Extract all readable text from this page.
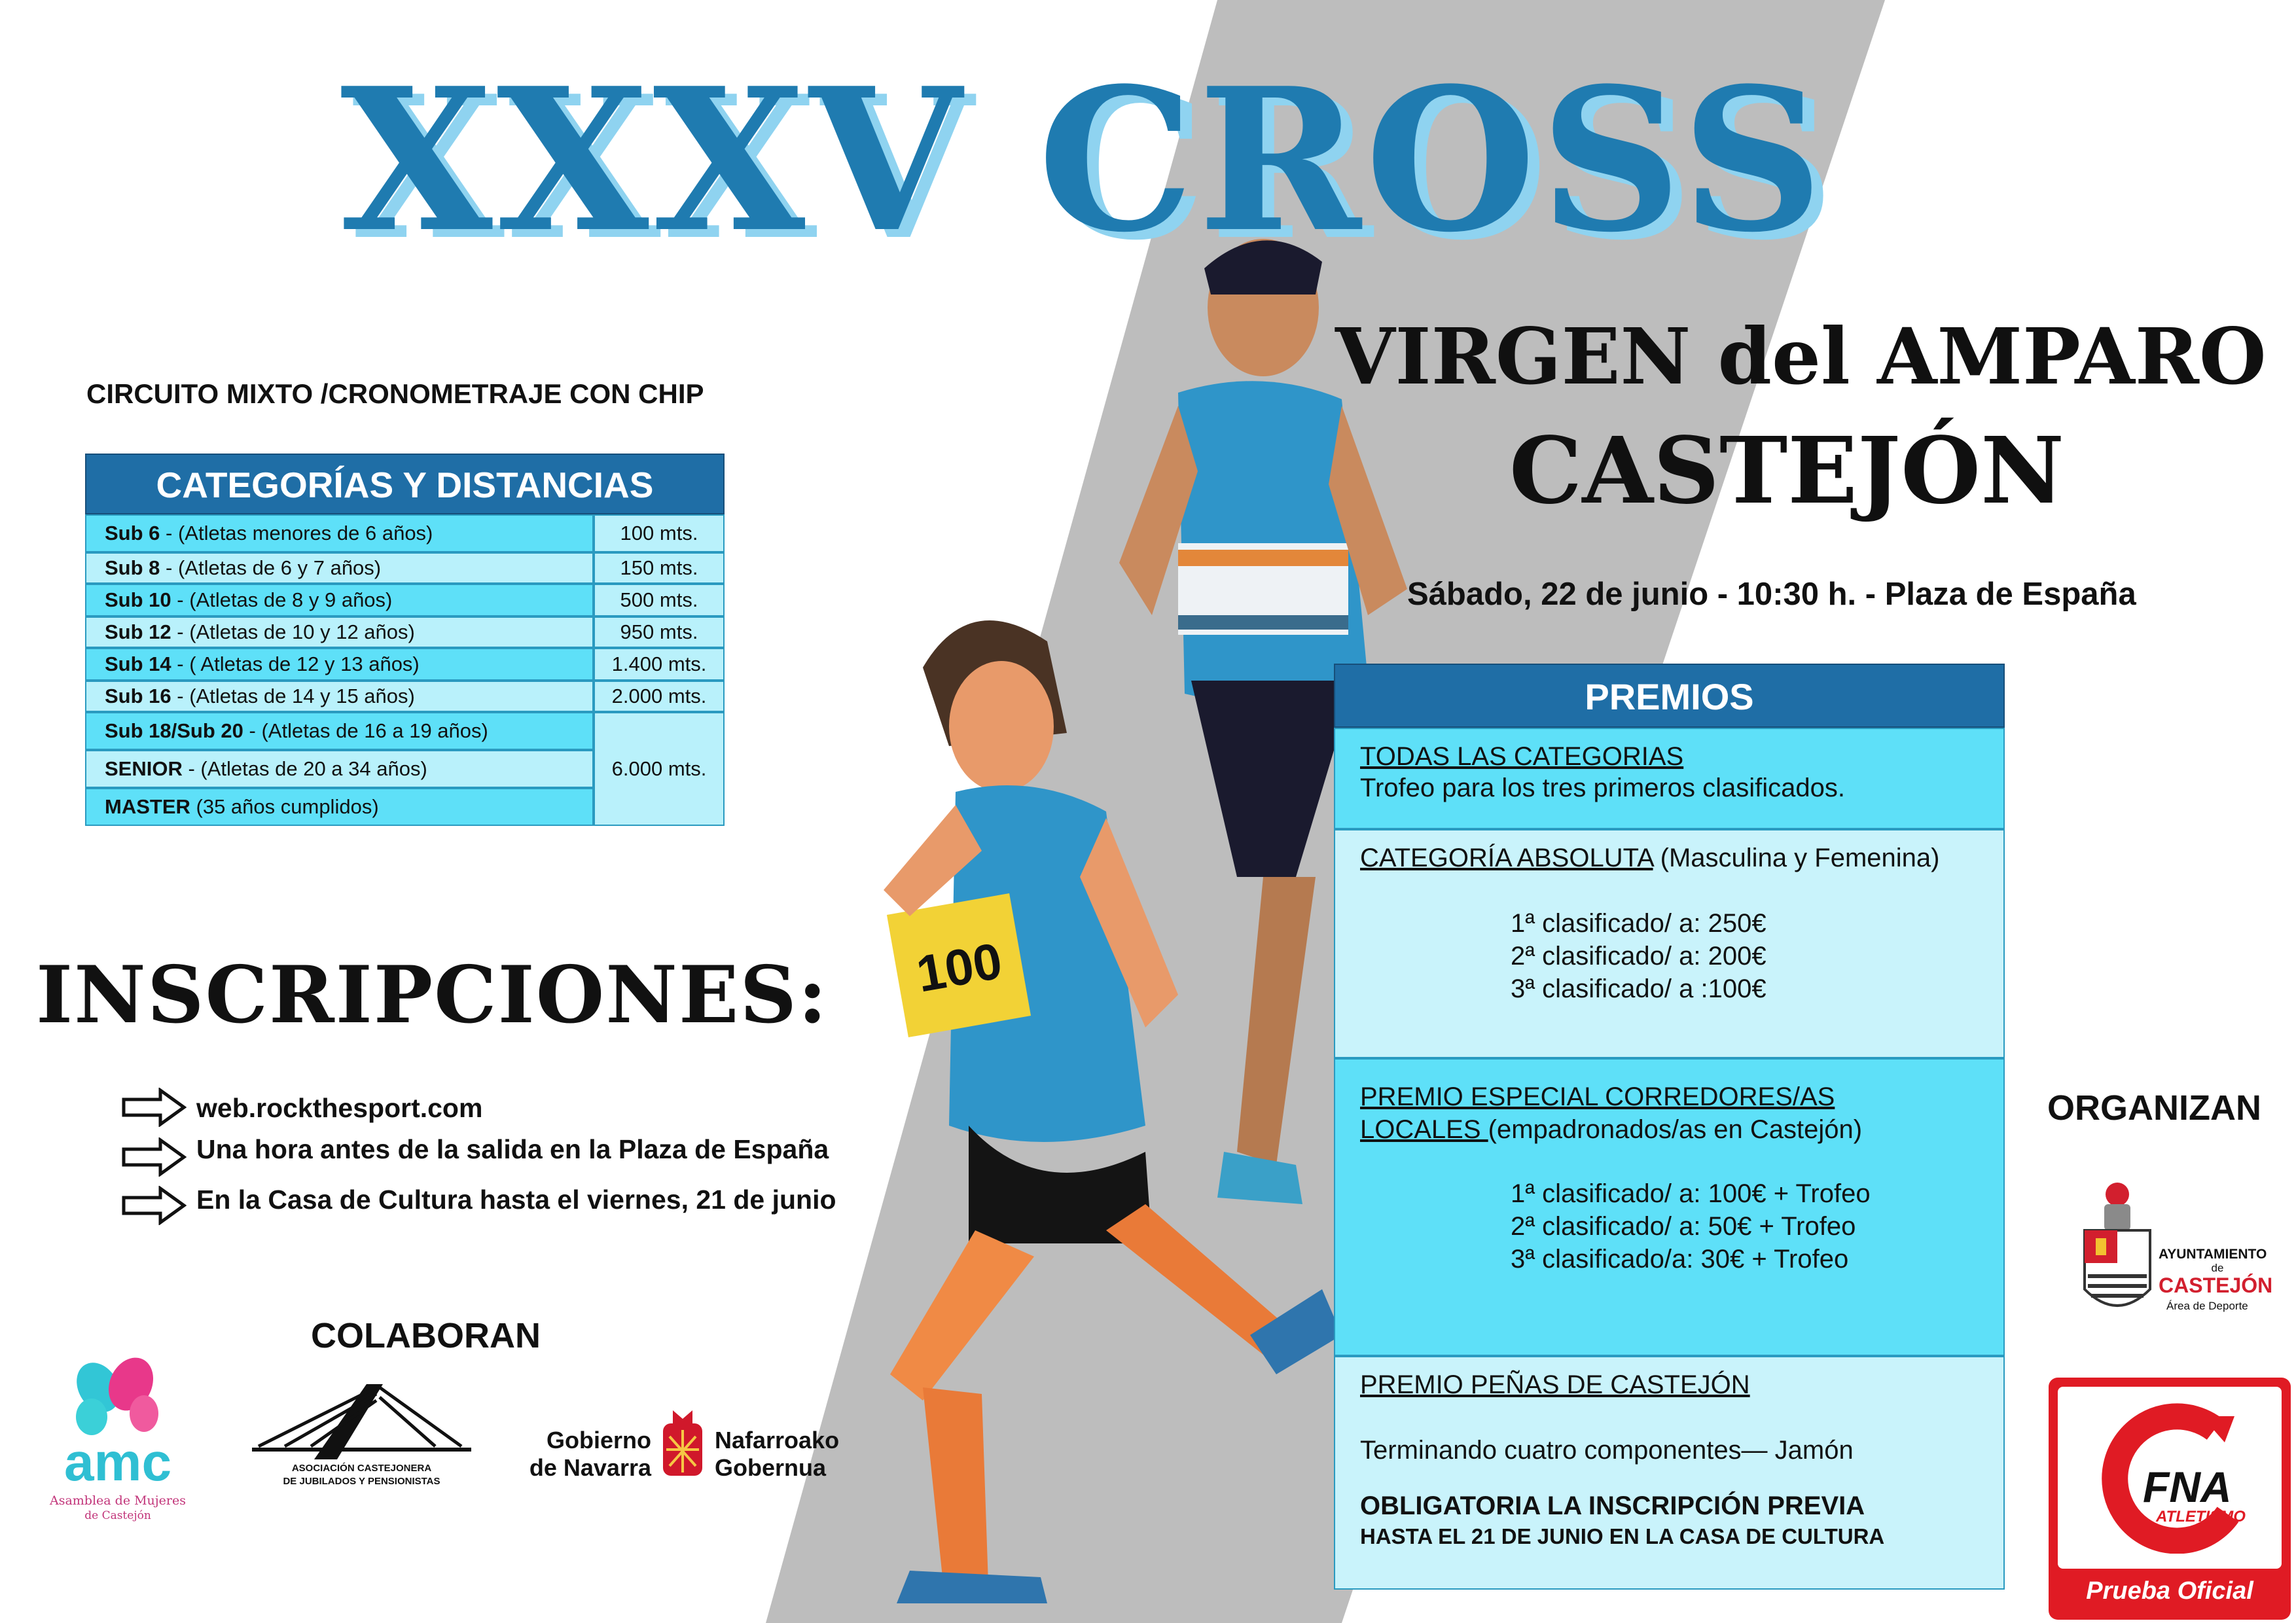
100
XXXV CROSS
VIRGEN del AMPARO
CASTEJÓN
Sábado, 22 de junio - 10:30 h. - Plaza de España
CIRCUITO MIXTO /CRONOMETRAJE CON CHIP
CATEGORÍAS Y DISTANCIAS
Sub 6 - (Atletas menores de 6 años)
Sub 8 - (Atletas de 6 y 7 años)
Sub 10 - (Atletas de 8 y 9 años)
Sub 12 - (Atletas de 10 y 12 años)
Sub 14 - ( Atletas de 12 y 13 años)
Sub 16 - (Atletas de 14 y 15 años)
Sub 18/Sub 20 - (Atletas de 16 a 19 años)
SENIOR - (Atletas de 20 a 34 años)
MASTER (35 años cumplidos)
100 mts.
150 mts.
500 mts.
950 mts.
1.400 mts.
2.000 mts.
6.000 mts.
INSCRIPCIONES:
web.rockthesport.com
Una hora antes de la salida en la Plaza de España
En la Casa de Cultura hasta el viernes, 21 de junio
COLABORAN
amc
Asamblea de Mujeres
de Castejón
ASOCIACIÓN CASTEJONERA
DE JUBILADOS Y PENSIONISTAS
Gobierno
de Navarra
Nafarroako
Gobernua
ORGANIZAN
AYUNTAMIENTO
de
CASTEJÓN
Área de Deporte
FNA
ATLETISMO
Prueba Oficial
PREMIOS
TODAS LAS CATEGORIAS
Trofeo para los tres primeros clasificados.
CATEGORÍA ABSOLUTA (Masculina y Femenina)
1ª clasificado/ a: 250€
2ª clasificado/ a: 200€
3ª clasificado/ a :100€
PREMIO ESPECIAL CORREDORES/AS
LOCALES (empadronados/as en Castejón)
1ª clasificado/ a: 100€ + Trofeo
2ª clasificado/ a: 50€ + Trofeo
3ª clasificado/a: 30€ + Trofeo
PREMIO PEÑAS DE CASTEJÓN
Terminando cuatro componentes— Jamón
OBLIGATORIA LA INSCRIPCIÓN PREVIA
HASTA EL 21 DE JUNIO EN LA CASA DE CULTURA
